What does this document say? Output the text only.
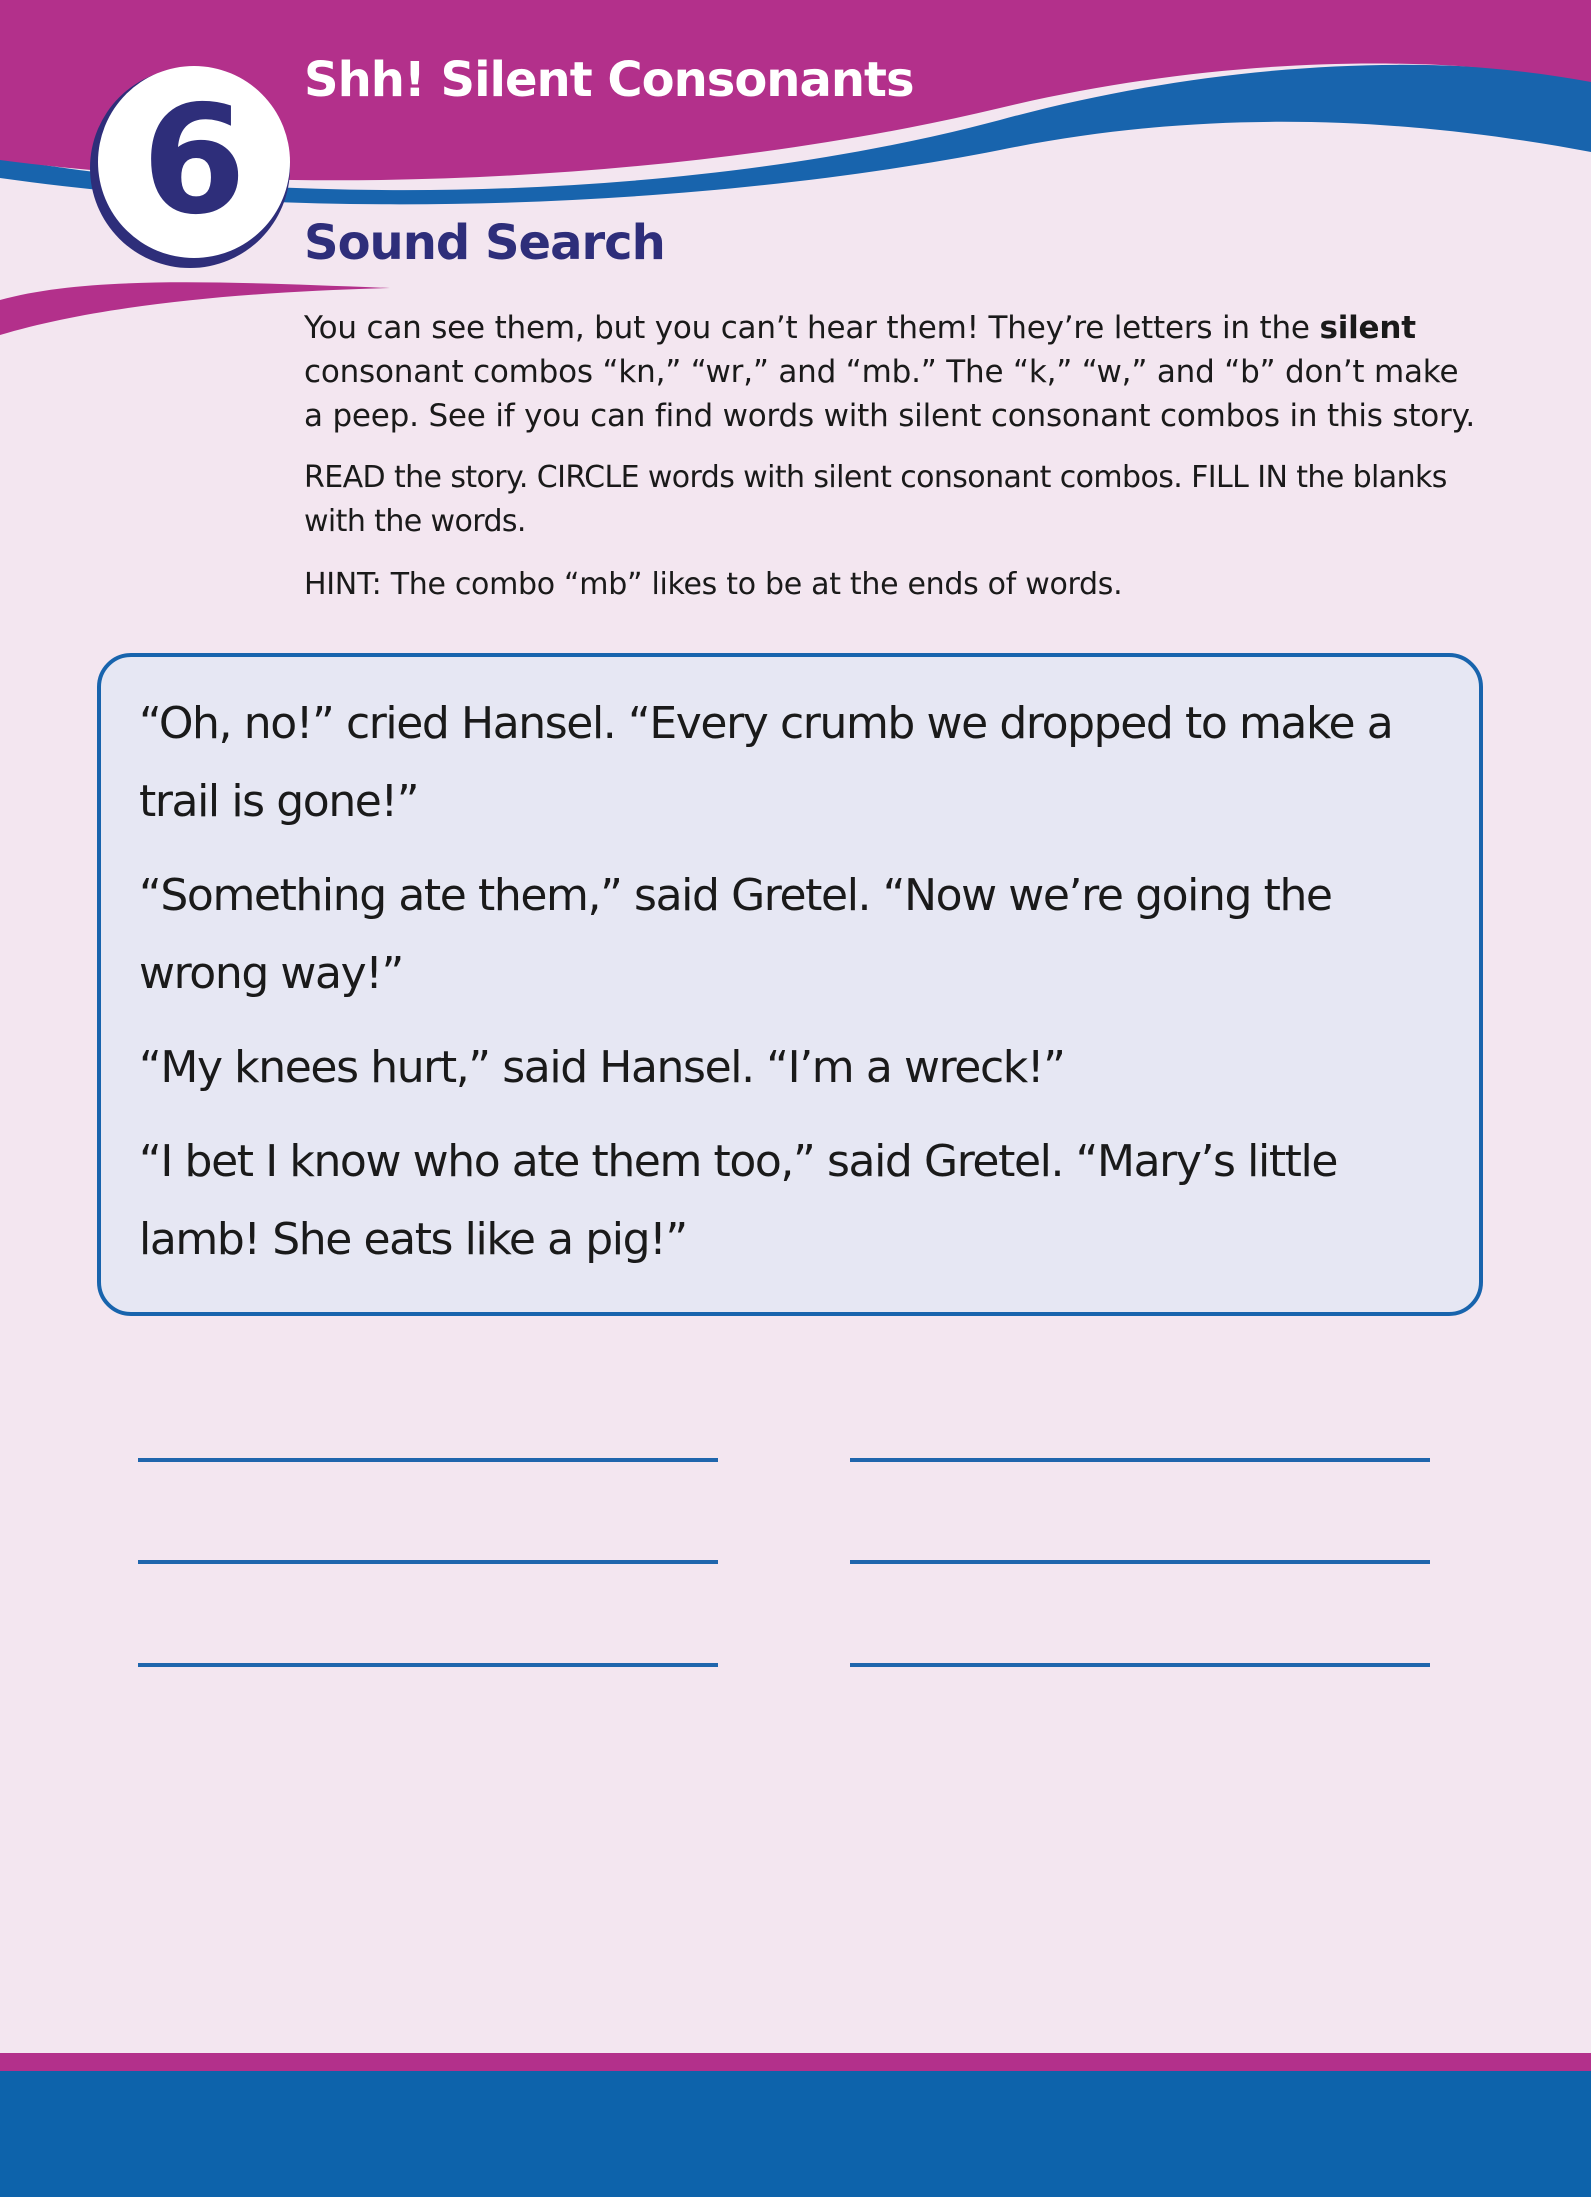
6	Shh! Silent Consonants
Sound Search

You can see them, but you can’t hear them! They’re letters in the silent consonant combos “kn,” “wr,” and “mb.” The “k,” “w,” and “b” don’t make a peep. See if you can find words with silent consonant combos in this story.

READ the story. CIRCLE words with silent consonant combos. FILL IN the blanks with the words.

HINT: The combo “mb” likes to be at the ends of words.

“Oh, no!” cried Hansel. “Every crumb we dropped to make a trail is gone!”

“Something ate them,” said Gretel. “Now we’re going the wrong way!”

“My knees hurt,” said Hansel. “I’m a wreck!”

“I bet I know who ate them too,” said Gretel. “Mary’s little lamb! She eats like a pig!”
